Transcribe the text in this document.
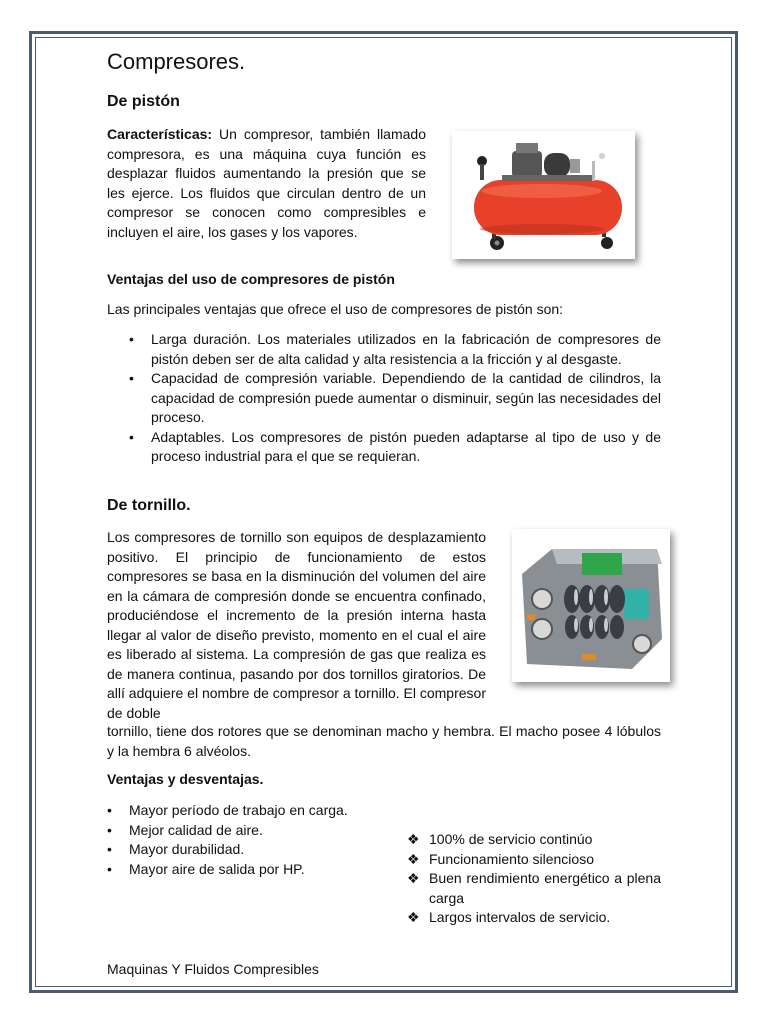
Compresores.
De pistón
Características: Un compresor, también llamado compresora, es una máquina cuya función es desplazar fluidos aumentando la presión que se les ejerce. Los fluidos que circulan dentro de un compresor se conocen como compresibles e incluyen el aire, los gases y los vapores.
Ventajas del uso de compresores de pistón
Las principales ventajas que ofrece el uso de compresores de pistón son:
• Larga duración. Los materiales utilizados en la fabricación de compresores de pistón deben ser de alta calidad y alta resistencia a la fricción y al desgaste.
• Capacidad de compresión variable. Dependiendo de la cantidad de cilindros, la capacidad de compresión puede aumentar o disminuir, según las necesidades del proceso.
• Adaptables. Los compresores de pistón pueden adaptarse al tipo de uso y de proceso industrial para el que se requieran.
De tornillo.
Los compresores de tornillo son equipos de desplazamiento positivo. El principio de funcionamiento de estos compresores se basa en la disminución del volumen del aire en la cámara de compresión donde se encuentra confinado, produciéndose el incremento de la presión interna hasta llegar al valor de diseño previsto, momento en el cual el aire es liberado al sistema. La compresión de gas que realiza es de manera continua, pasando por dos tornillos giratorios. De allí adquiere el nombre de compresor a tornillo. El compresor de doble
tornillo, tiene dos rotores que se denominan macho y hembra. El macho posee 4 lóbulos y la hembra 6 alvéolos.
Ventajas y desventajas.
• Mayor período de trabajo en carga.
• Mejor calidad de aire.
• Mayor durabilidad.
• Mayor aire de salida por HP.
❖ 100% de servicio continúo
❖ Funcionamiento silencioso
❖ Buen rendimiento energético a plena carga
❖ Largos intervalos de servicio.
Maquinas Y Fluidos Compresibles
